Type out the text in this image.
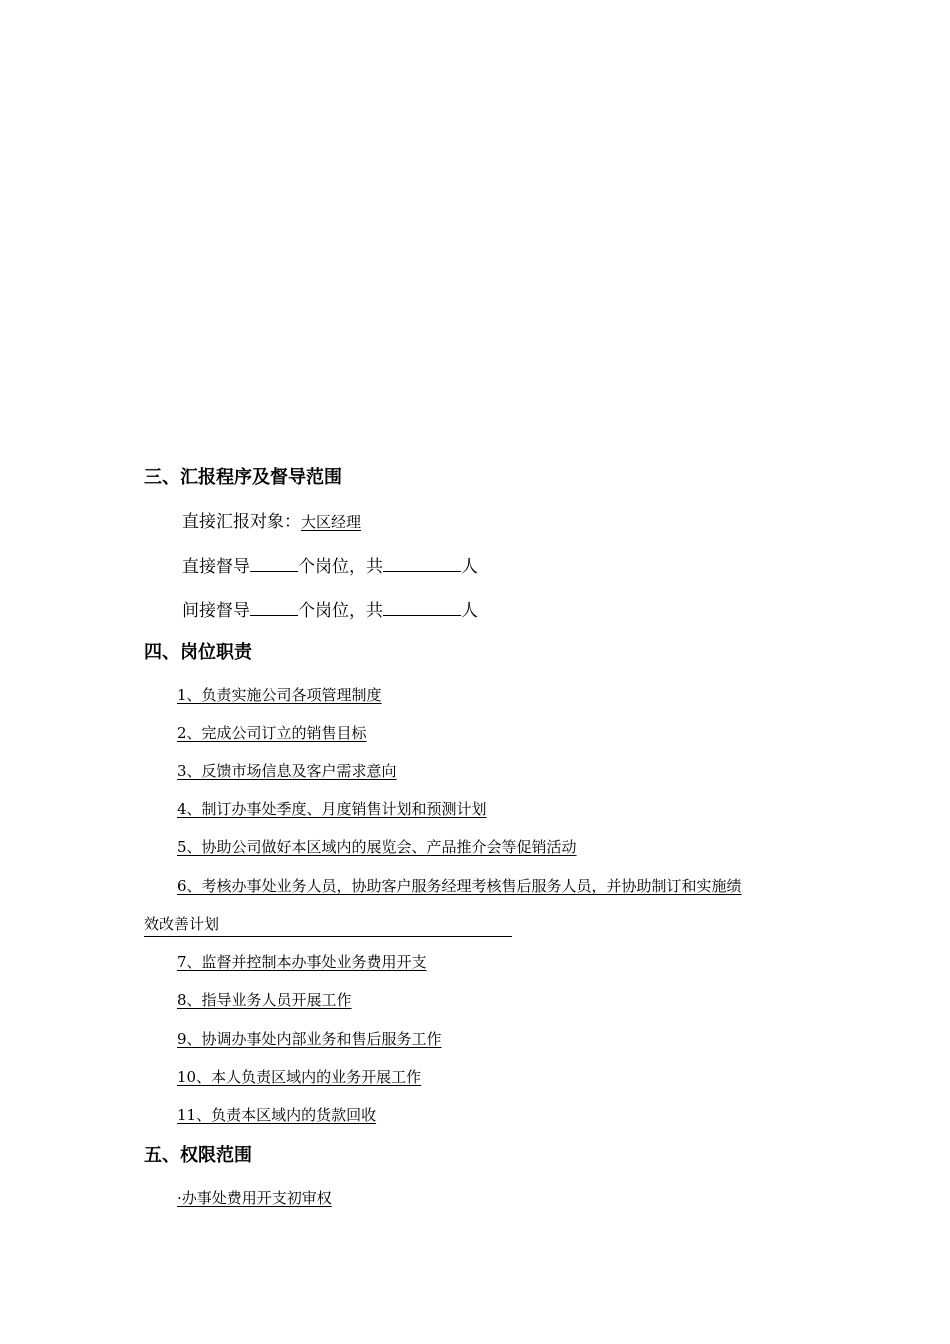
三、汇报程序及督导范围
直接汇报对象：大区经理
直接督导	个岗位，共	人
间接督导	个岗位，共	人
四、岗位职责
1、负责实施公司各项管理制度
2、完成公司订立的销售目标
3、反馈市场信息及客户需求意向
4、制订办事处季度、月度销售计划和预测计划
5、协助公司做好本区域内的展览会、产品推介会等促销活动
6、考核办事处业务人员，协助客户服务经理考核售后服务人员，并协助制订和实施绩
效改善计划
7、监督并控制本办事处业务费用开支
8、指导业务人员开展工作
9、协调办事处内部业务和售后服务工作
10、本人负责区域内的业务开展工作
11、负责本区域内的货款回收
五、权限范围
·办事处费用开支初审权
